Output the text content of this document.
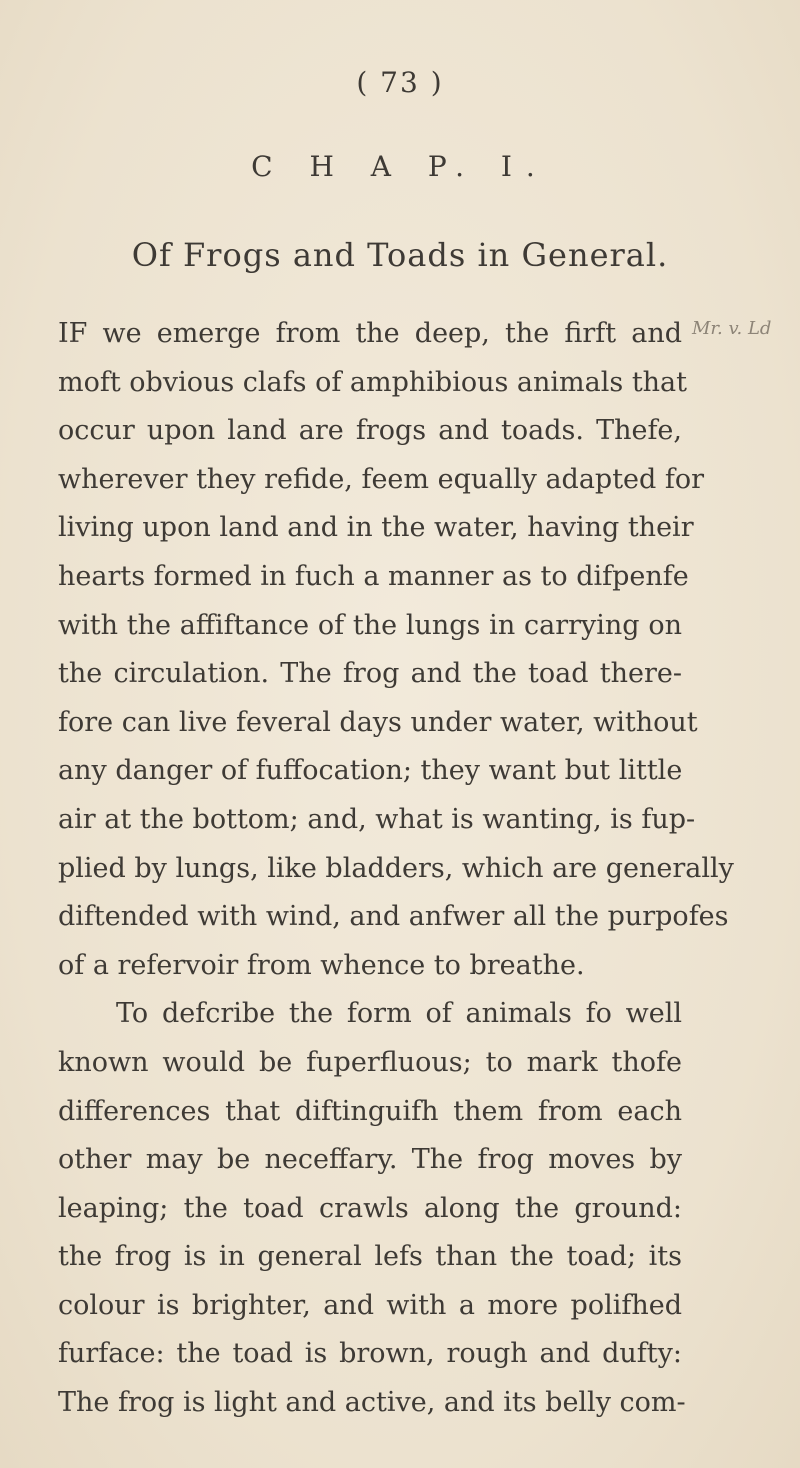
( 73 )
C H A P. I.
Of Frogs and Toads in General.
Mr. v. Ld
IF we emerge from the deep, the firft and
moft obvious clafs of amphibious animals that
occur upon land are frogs and toads. Thefe,
wherever they refide, feem equally adapted for
living upon land and in the water, having their
hearts formed in fuch a manner as to difpenfe
with the affiftance of the lungs in carrying on
the circulation. The frog and the toad there-
fore can live feveral days under water, without
any danger of fuffocation; they want but little
air at the bottom; and, what is wanting, is fup-
plied by lungs, like bladders, which are generally
diftended with wind, and anfwer all the purpofes
of a refervoir from whence to breathe.
To defcribe the form of animals fo well
known would be fuperfluous; to mark thofe
differences that diftinguifh them from each
other may be neceffary. The frog moves by
leaping; the toad crawls along the ground:
the frog is in general lefs than the toad; its
colour is brighter, and with a more polifhed
furface: the toad is brown, rough and dufty:
The frog is light and active, and its belly com-
